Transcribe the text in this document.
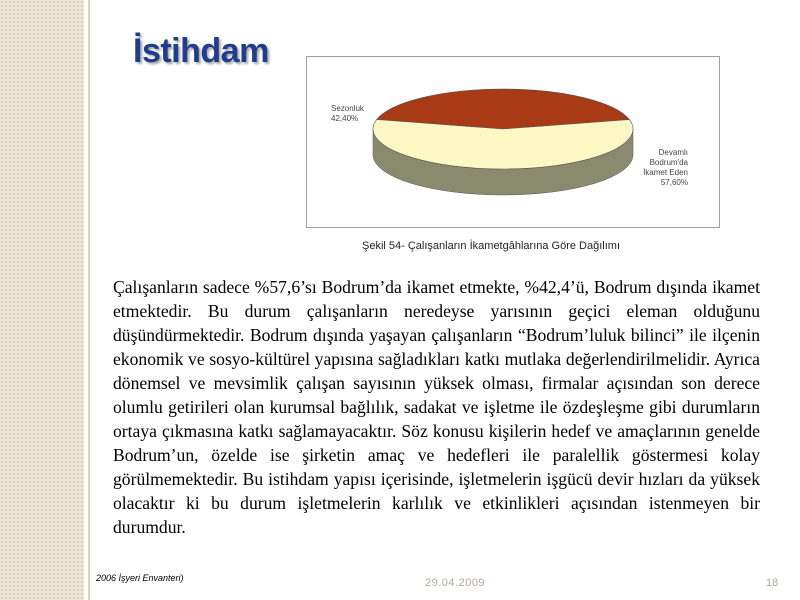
İstihdam
Sezonluk 42,40%
Devamlı Bodrum'da İkamet Eden 57,60%
Şekil 54- Çalışanların İkametgâhlarına Göre Dağılımı

Çalışanların sadece %57,6’sı Bodrum’da ikamet etmekte, %42,4’ü, Bodrum dışında ikamet etmektedir. Bu durum çalışanların neredeyse yarısının geçici eleman olduğunu düşündürmektedir. Bodrum dışında yaşayan çalışanların “Bodrum’luluk bilinci” ile ilçenin ekonomik ve sosyo-kültürel yapısına sağladıkları katkı mutlaka değerlendirilmelidir. Ayrıca dönemsel ve mevsimlik çalışan sayısının yüksek olması, firmalar açısından son derece olumlu getirileri olan kurumsal bağlılık, sadakat ve işletme ile özdeşleşme gibi durumların ortaya çıkmasına katkı sağlamayacaktır. Söz konusu kişilerin hedef ve amaçlarının genelde Bodrum’un, özelde ise şirketin amaç ve hedefleri ile paralellik göstermesi kolay görülmemektedir. Bu istihdam yapısı içerisinde, işletmelerin işgücü devir hızları da yüksek olacaktır ki bu durum işletmelerin karlılık ve etkinlikleri açısından istenmeyen bir durumdur.

2006 İşyeri Envanteri)	29.04.2009	18
